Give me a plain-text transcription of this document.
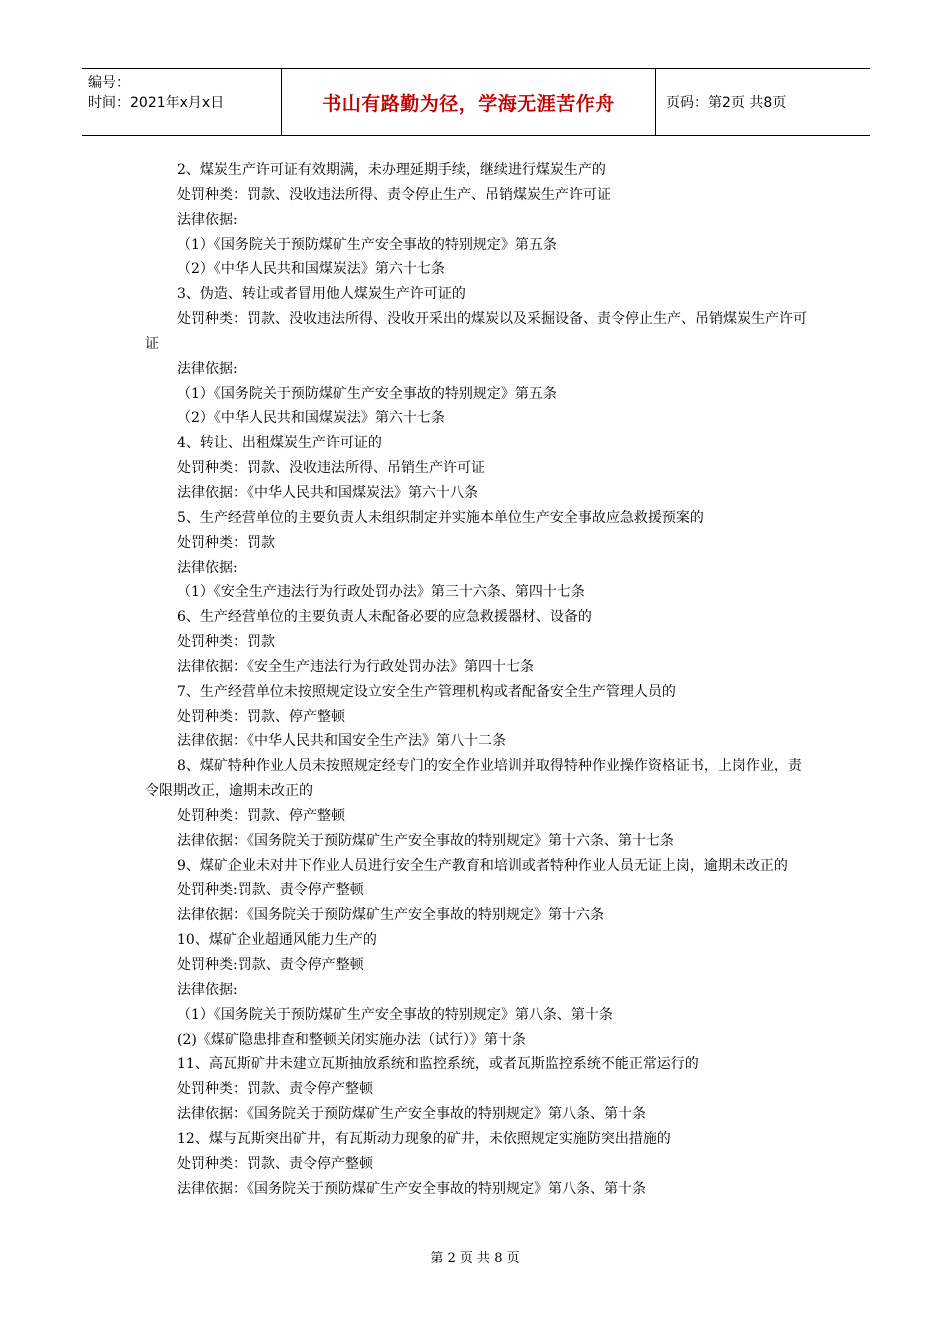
编号：
时间：2021年x月x日	书山有路勤为径，学海无涯苦作舟	页码：第2页 共8页

2、煤炭生产许可证有效期满，未办理延期手续，继续进行煤炭生产的

处罚种类：罚款、没收违法所得、责令停止生产、吊销煤炭生产许可证

法律依据:

（1）《国务院关于预防煤矿生产安全事故的特别规定》第五条

（2）《中华人民共和国煤炭法》第六十七条

3、伪造、转让或者冒用他人煤炭生产许可证的

处罚种类：罚款、没收违法所得、没收开采出的煤炭以及采掘设备、责令停止生产、吊销煤炭生产许可证

法律依据:

（1）《国务院关于预防煤矿生产安全事故的特别规定》第五条

（2）《中华人民共和国煤炭法》第六十七条

4、转让、出租煤炭生产许可证的

处罚种类：罚款、没收违法所得、吊销生产许可证

法律依据：《中华人民共和国煤炭法》第六十八条

5、生产经营单位的主要负责人未组织制定并实施本单位生产安全事故应急救援预案的

处罚种类：罚款

法律依据:

（1）《安全生产违法行为行政处罚办法》第三十六条、第四十七条

6、生产经营单位的主要负责人未配备必要的应急救援器材、设备的

处罚种类：罚款

法律依据：《安全生产违法行为行政处罚办法》第四十七条

7、生产经营单位未按照规定设立安全生产管理机构或者配备安全生产管理人员的

处罚种类：罚款、停产整顿

法律依据：《中华人民共和国安全生产法》第八十二条

8、煤矿特种作业人员未按照规定经专门的安全作业培训并取得特种作业操作资格证书，上岗作业，责令限期改正，逾期未改正的

处罚种类：罚款、停产整顿

法律依据：《国务院关于预防煤矿生产安全事故的特别规定》第十六条、第十七条

9、煤矿企业未对井下作业人员进行安全生产教育和培训或者特种作业人员无证上岗，逾期未改正的

处罚种类:罚款、责令停产整顿

法律依据：《国务院关于预防煤矿生产安全事故的特别规定》第十六条

10、煤矿企业超通风能力生产的

处罚种类:罚款、责令停产整顿

法律依据:

（1）《国务院关于预防煤矿生产安全事故的特别规定》第八条、第十条

(2)《煤矿隐患排查和整顿关闭实施办法（试行）》第十条

11、高瓦斯矿井未建立瓦斯抽放系统和监控系统，或者瓦斯监控系统不能正常运行的

处罚种类：罚款、责令停产整顿

法律依据：《国务院关于预防煤矿生产安全事故的特别规定》第八条、第十条

12、煤与瓦斯突出矿井，有瓦斯动力现象的矿井，未依照规定实施防突出措施的

处罚种类：罚款、责令停产整顿

法律依据：《国务院关于预防煤矿生产安全事故的特别规定》第八条、第十条

第 2 页 共 8 页
